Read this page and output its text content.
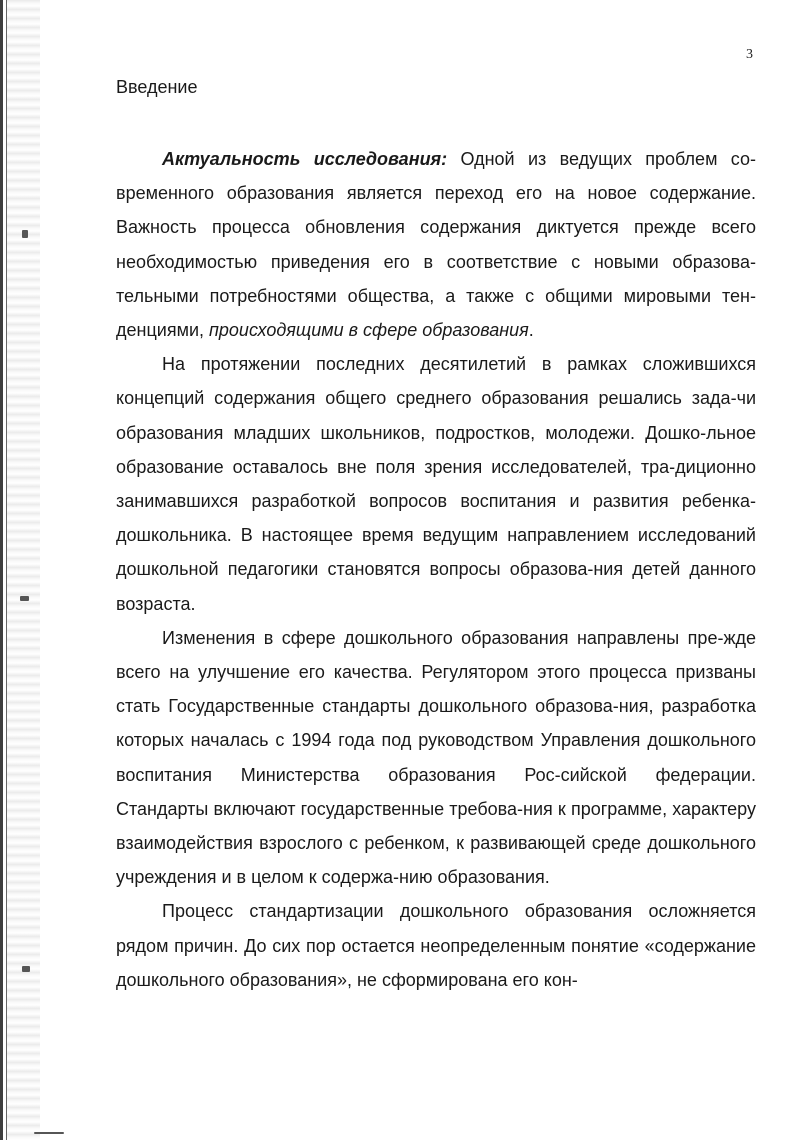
3
Введение

Актуальность исследования: Одной из ведущих проблем со-временного образования является переход его на новое содержание. Важность процесса обновления содержания диктуется прежде всего необходимостью приведения его в соответствие с новыми образова-тельными потребностями общества, а также с общими мировыми тен-денциями, происходящими в сфере образования.

На протяжении последних десятилетий в рамках сложившихся концепций содержания общего среднего образования решались зада-чи образования младших школьников, подростков, молодежи. Дошко-льное образование оставалось вне поля зрения исследователей, тра-диционно занимавшихся разработкой вопросов воспитания и развития ребенка-дошкольника. В настоящее время ведущим направлением исследований дошкольной педагогики становятся вопросы образова-ния детей данного возраста.

Изменения в сфере дошкольного образования направлены пре-жде всего на улучшение его качества. Регулятором этого процесса призваны стать Государственные стандарты дошкольного образова-ния, разработка которых началась с 1994 года под руководством Управления дошкольного воспитания Министерства образования Рос-сийской федерации. Стандарты включают государственные требова-ния к программе, характеру взаимодействия взрослого с ребенком, к развивающей среде дошкольного учреждения и в целом к содержа-нию образования.

Процесс стандартизации дошкольного образования осложняется рядом причин. До сих пор остается неопределенным понятие «содержание дошкольного образования», не сформирована его кон-
